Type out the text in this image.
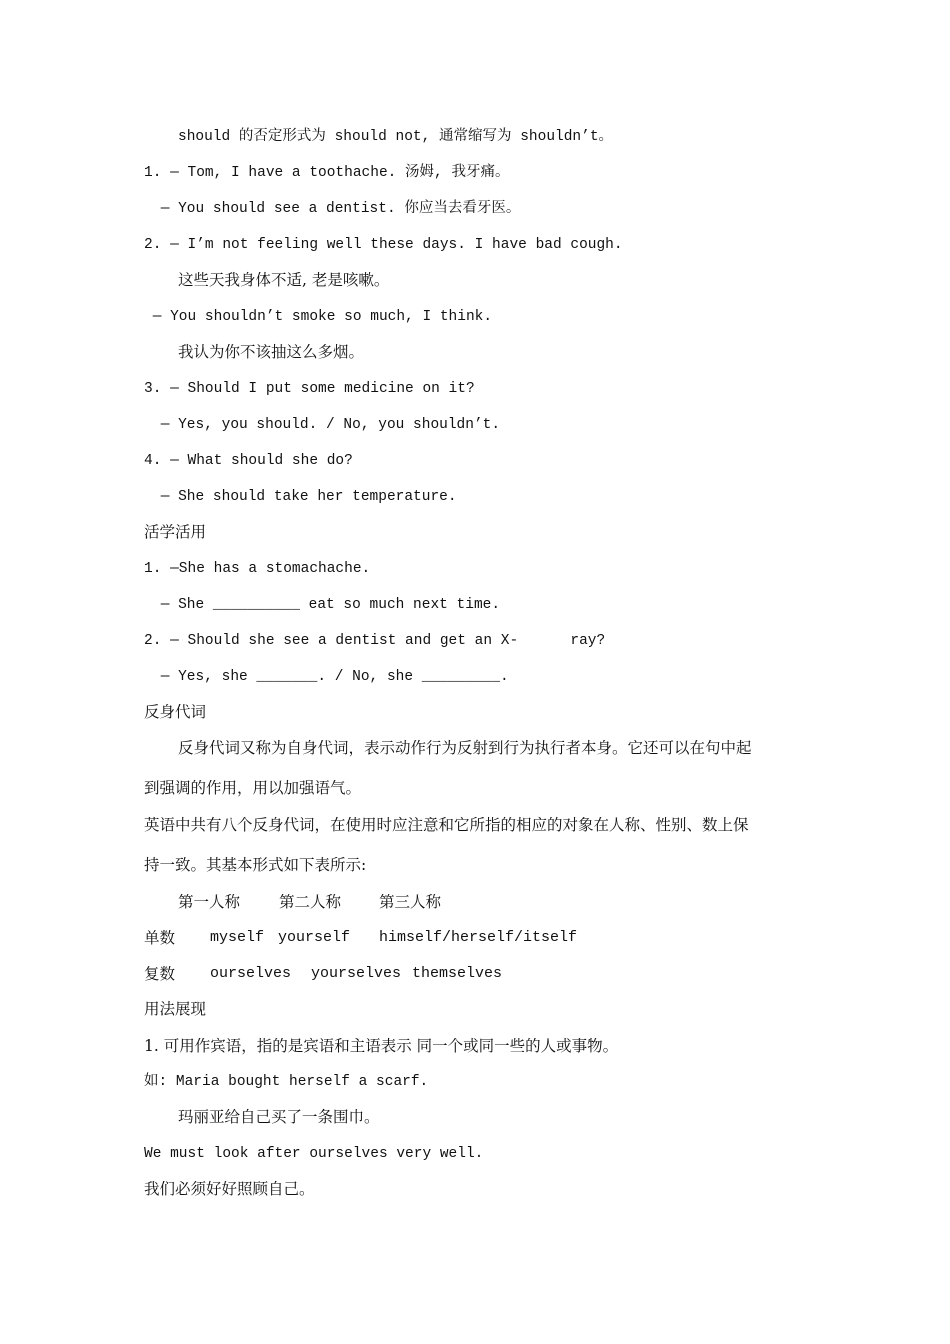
should 的否定形式为 should not, 通常缩写为 shouldn’t。
1. — Tom, I have a toothache. 汤姆, 我牙痛。
— You should see a dentist. 你应当去看牙医。
2. — I’m not feeling well these days. I have bad cough.
这些天我身体不适, 老是咳嗽。
— You shouldn’t smoke so much, I think.
我认为你不该抽这么多烟。
3. — Should I put some medicine on it?
— Yes, you should. / No, you shouldn’t.
4. — What should she do?
— She should take her temperature.
活学活用
1. —She has a stomachache.
— She __________ eat so much next time.
2. — Should she see a dentist and get an X-      ray?
— Yes, she _______. / No, she _________.
反身代词
反身代词又称为自身代词，表示动作行为反射到行为执行者本身。它还可以在句中起
到强调的作用，用以加强语气。
英语中共有八个反身代词，在使用时应注意和它所指的相应的对象在人称、性别、数上保
持一致。其基本形式如下表所示:
第一人称	第二人称 第三人称
单数 myself yourself himself/herself/itself
复数 ourselves yourselves themselves
用法展现
1. 可用作宾语，指的是宾语和主语表示 同一个或同一些的人或事物。
如: Maria bought herself a scarf.
玛丽亚给自己买了一条围巾。
We must look after ourselves very well.
我们必须好好照顾自己。
